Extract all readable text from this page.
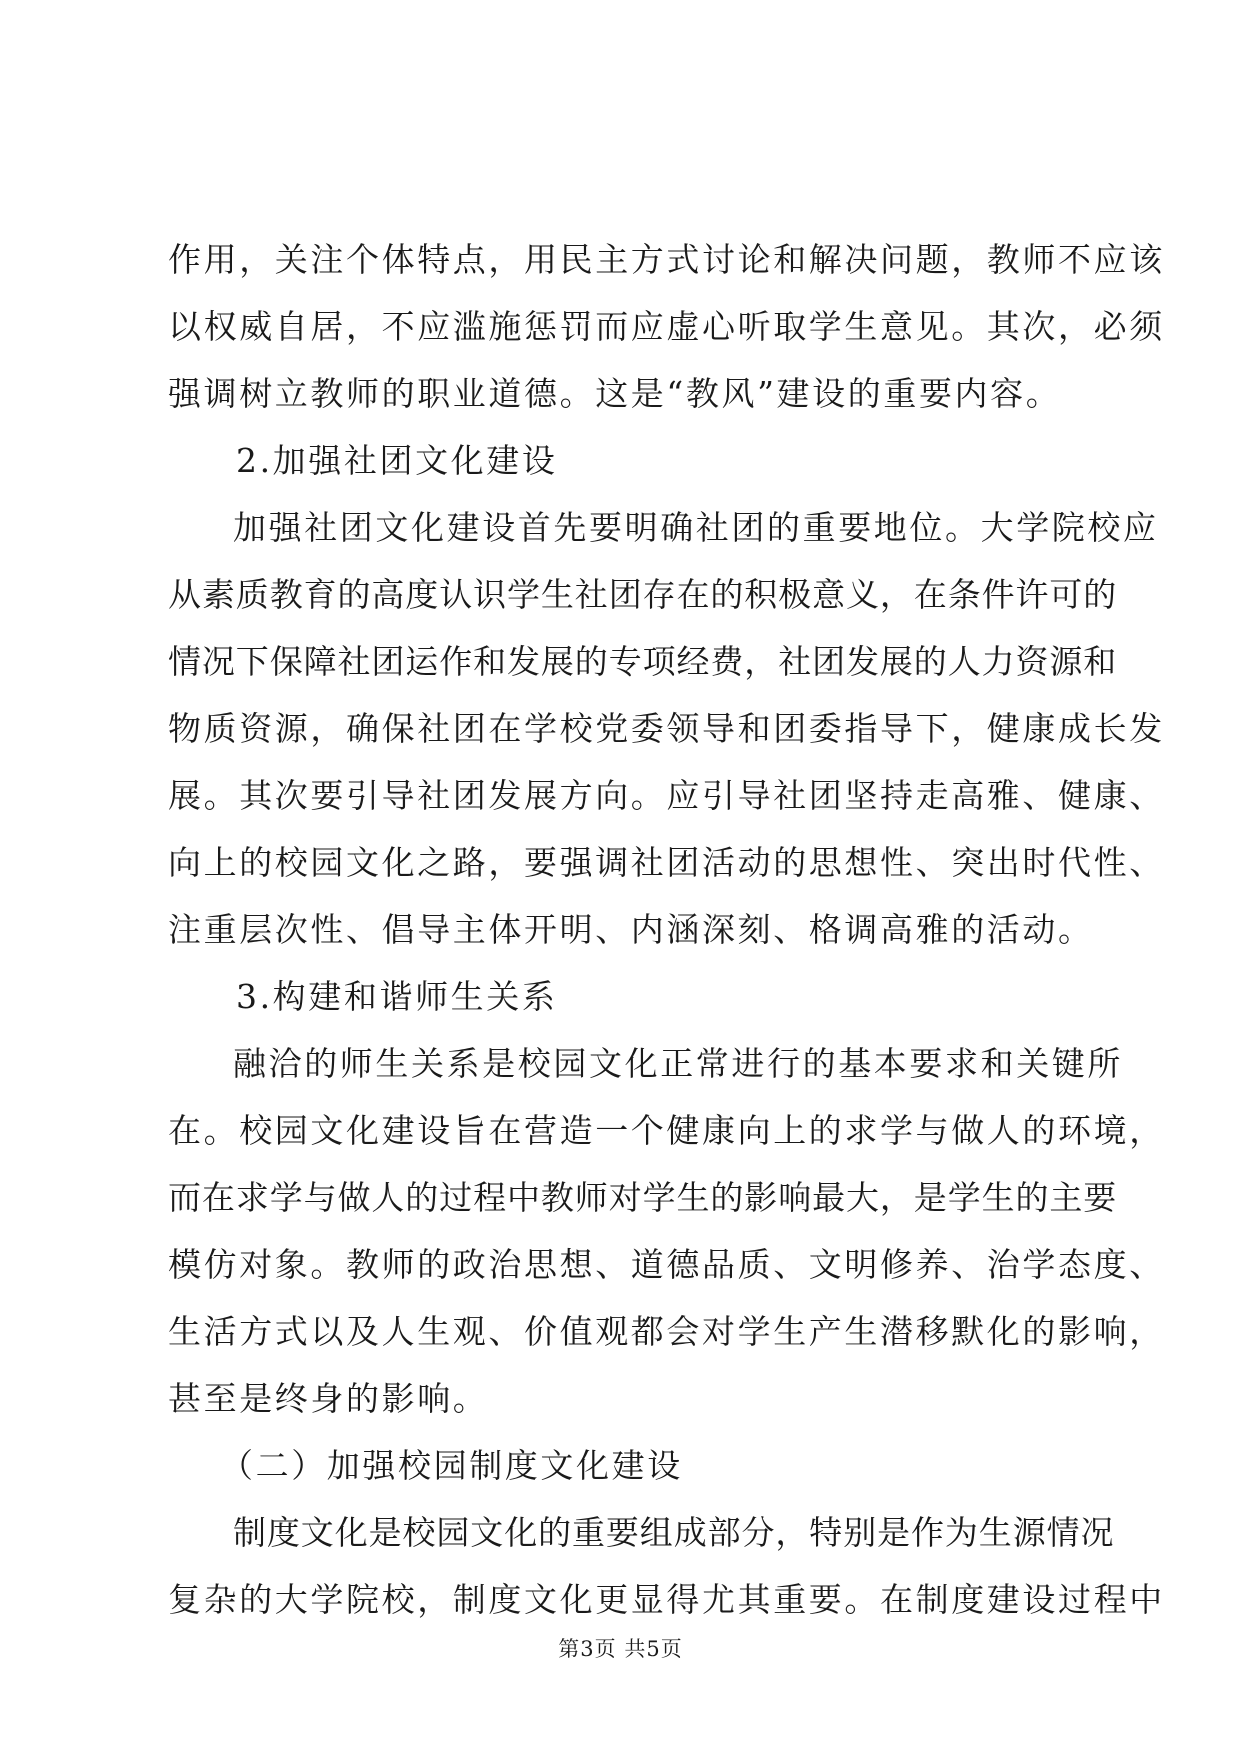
作用，关注个体特点，用民主方式讨论和解决问题，教师不应该
以权威自居，不应滥施惩罚而应虚心听取学生意见。其次，必须
强调树立教师的职业道德。这是“教风”建设的重要内容。
2.加强社团文化建设
加强社团文化建设首先要明确社团的重要地位。大学院校应
从素质教育的高度认识学生社团存在的积极意义，在条件许可的
情况下保障社团运作和发展的专项经费，社团发展的人力资源和
物质资源，确保社团在学校党委领导和团委指导下，健康成长发
展。其次要引导社团发展方向。应引导社团坚持走高雅、健康、
向上的校园文化之路，要强调社团活动的思想性、突出时代性、
注重层次性、倡导主体开明、内涵深刻、格调高雅的活动。
3.构建和谐师生关系
融洽的师生关系是校园文化正常进行的基本要求和关键所
在。校园文化建设旨在营造一个健康向上的求学与做人的环境，
而在求学与做人的过程中教师对学生的影响最大，是学生的主要
模仿对象。教师的政治思想、道德品质、文明修养、治学态度、
生活方式以及人生观、价值观都会对学生产生潜移默化的影响，
甚至是终身的影响。
（二）加强校园制度文化建设
制度文化是校园文化的重要组成部分，特别是作为生源情况
复杂的大学院校，制度文化更显得尤其重要。在制度建设过程中
第3页 共5页
